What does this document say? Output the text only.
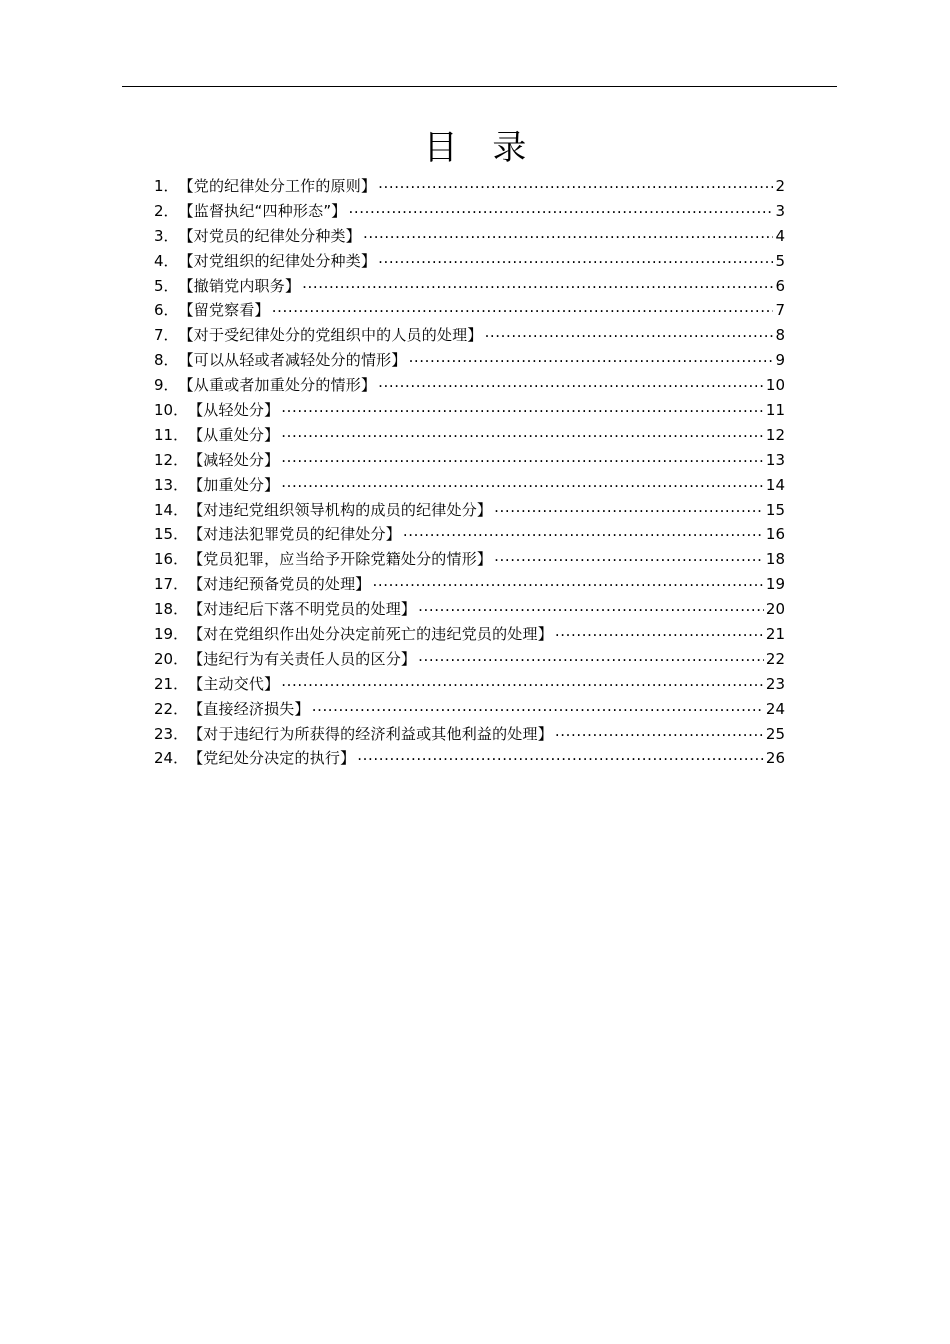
目 录
1． 【党的纪律处分工作的原则】 .....	2
2． 【监督执纪“四种形态”】 .....	3
3． 【对党员的纪律处分种类】 .....	4
4． 【对党组织的纪律处分种类】 .....	5
5． 【撤销党内职务】 .....	6
6． 【留党察看】 .....	7
7． 【对于受纪律处分的党组织中的人员的处理】 .....	8
8． 【可以从轻或者减轻处分的情形】 .....	9
9． 【从重或者加重处分的情形】 .....	10
10． 【从轻处分】 .....	11
11． 【从重处分】 .....	12
12． 【减轻处分】 .....	13
13． 【加重处分】 .....	14
14． 【对违纪党组织领导机构的成员的纪律处分】 .....	15
15． 【对违法犯罪党员的纪律处分】 .....	16
16． 【党员犯罪，应当给予开除党籍处分的情形】 .....	18
17． 【对违纪预备党员的处理】 .....	19
18． 【对违纪后下落不明党员的处理】 .....	20
19． 【对在党组织作出处分决定前死亡的违纪党员的处理】 .....	21
20． 【违纪行为有关责任人员的区分】 .....	22
21． 【主动交代】 .....	23
22． 【直接经济损失】 .....	24
23． 【对于违纪行为所获得的经济利益或其他利益的处理】 .....	25
24． 【党纪处分决定的执行】 .....	26
